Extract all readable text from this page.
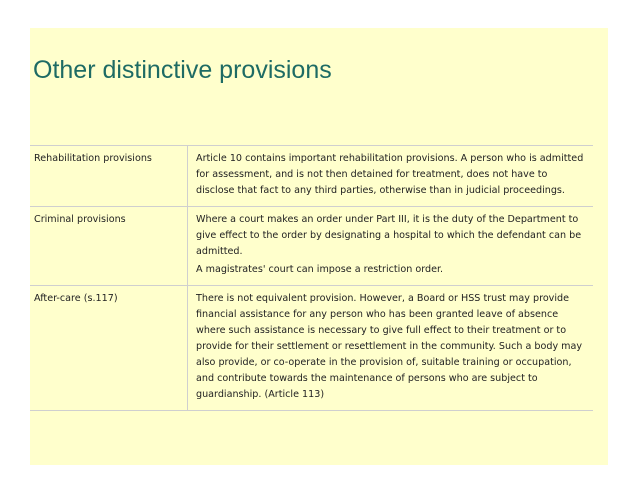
Other distinctive provisions
Rehabilitation provisions	Article 10 contains important rehabilitation provisions. A person who is admitted for assessment, and is not then detained for treatment, does not have to disclose that fact to any third parties, otherwise than in judicial proceedings.

Criminal provisions	Where a court makes an order under Part III, it is the duty of the Department to give effect to the order by designating a hospital to which the defendant can be admitted.

A magistrates' court can impose a restriction order.

After-care (s.117)	There is not equivalent provision. However, a Board or HSS trust may provide financial assistance for any person who has been granted leave of absence where such assistance is necessary to give full effect to their treatment or to provide for their settlement or resettlement in the community. Such a body may also provide, or co-operate in the provision of, suitable training or occupation, and contribute towards the maintenance of persons who are subject to guardianship. (Article 113)
